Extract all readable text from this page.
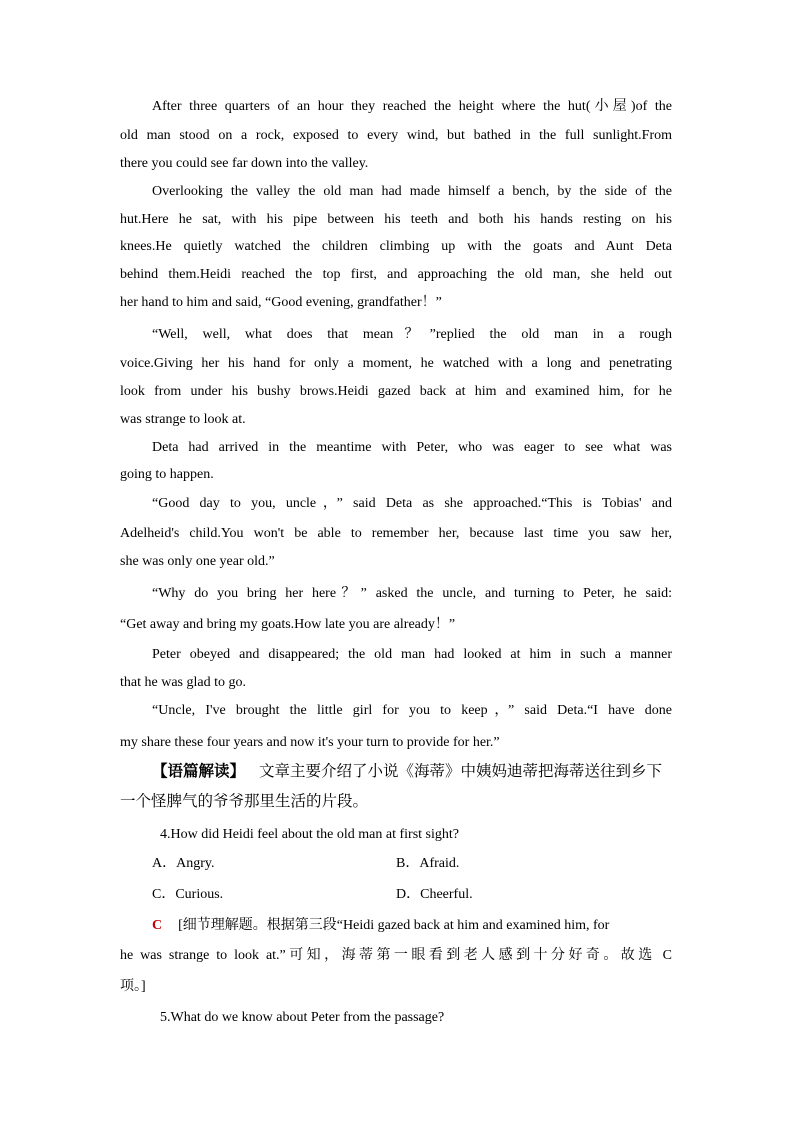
After three quarters of an hour they reached the height where the hut(小屋)of the
old man stood on a rock, exposed to every wind, but bathed in the full sunlight.From
there you could see far down into the valley.
Overlooking the valley the old man had made himself a bench, by the side of the
hut.Here he sat, with his pipe between his teeth and both his hands resting on his
knees.He quietly watched the children climbing up with the goats and Aunt Deta
behind them.Heidi reached the top first, and approaching the old man, she held out
her hand to him and said, “Good evening, grandfather！”
“Well, well, what does that mean？”replied the old man in a rough
voice.Giving her his hand for only a moment, he watched with a long and penetrating
look from under his bushy brows.Heidi gazed back at him and examined him, for he
was strange to look at.
Deta had arrived in the meantime with Peter, who was eager to see what was
going to happen.
“Good day to you, uncle，” said Deta as she approached.“This is Tobias' and
Adelheid's child.You won't be able to remember her, because last time you saw her,
she was only one year old.”
“Why do you bring her here？” asked the uncle, and turning to Peter, he said:
“Get away and bring my goats.How late you are already！”
Peter obeyed and disappeared; the old man had looked at him in such a manner
that he was glad to go.
“Uncle, I've brought the little girl for you to keep，” said Deta.“I have done
my share these four years and now it's your turn to provide for her.”
【语篇解读】 文章主要介绍了小说《海蒂》中姨妈迪蒂把海蒂送往到乡下
一个怪脾气的爷爷那里生活的片段。
4.How did Heidi feel about the old man at first sight?
A．Angry.	B．Afraid.
C．Curious.	D．Cheerful.
C [细节理解题。根据第三段“Heidi gazed back at him and examined him, for
he was strange to look at.”可知，海蒂第一眼看到老人感到十分好奇。故选 C
项。]
5.What do we know about Peter from the passage?
